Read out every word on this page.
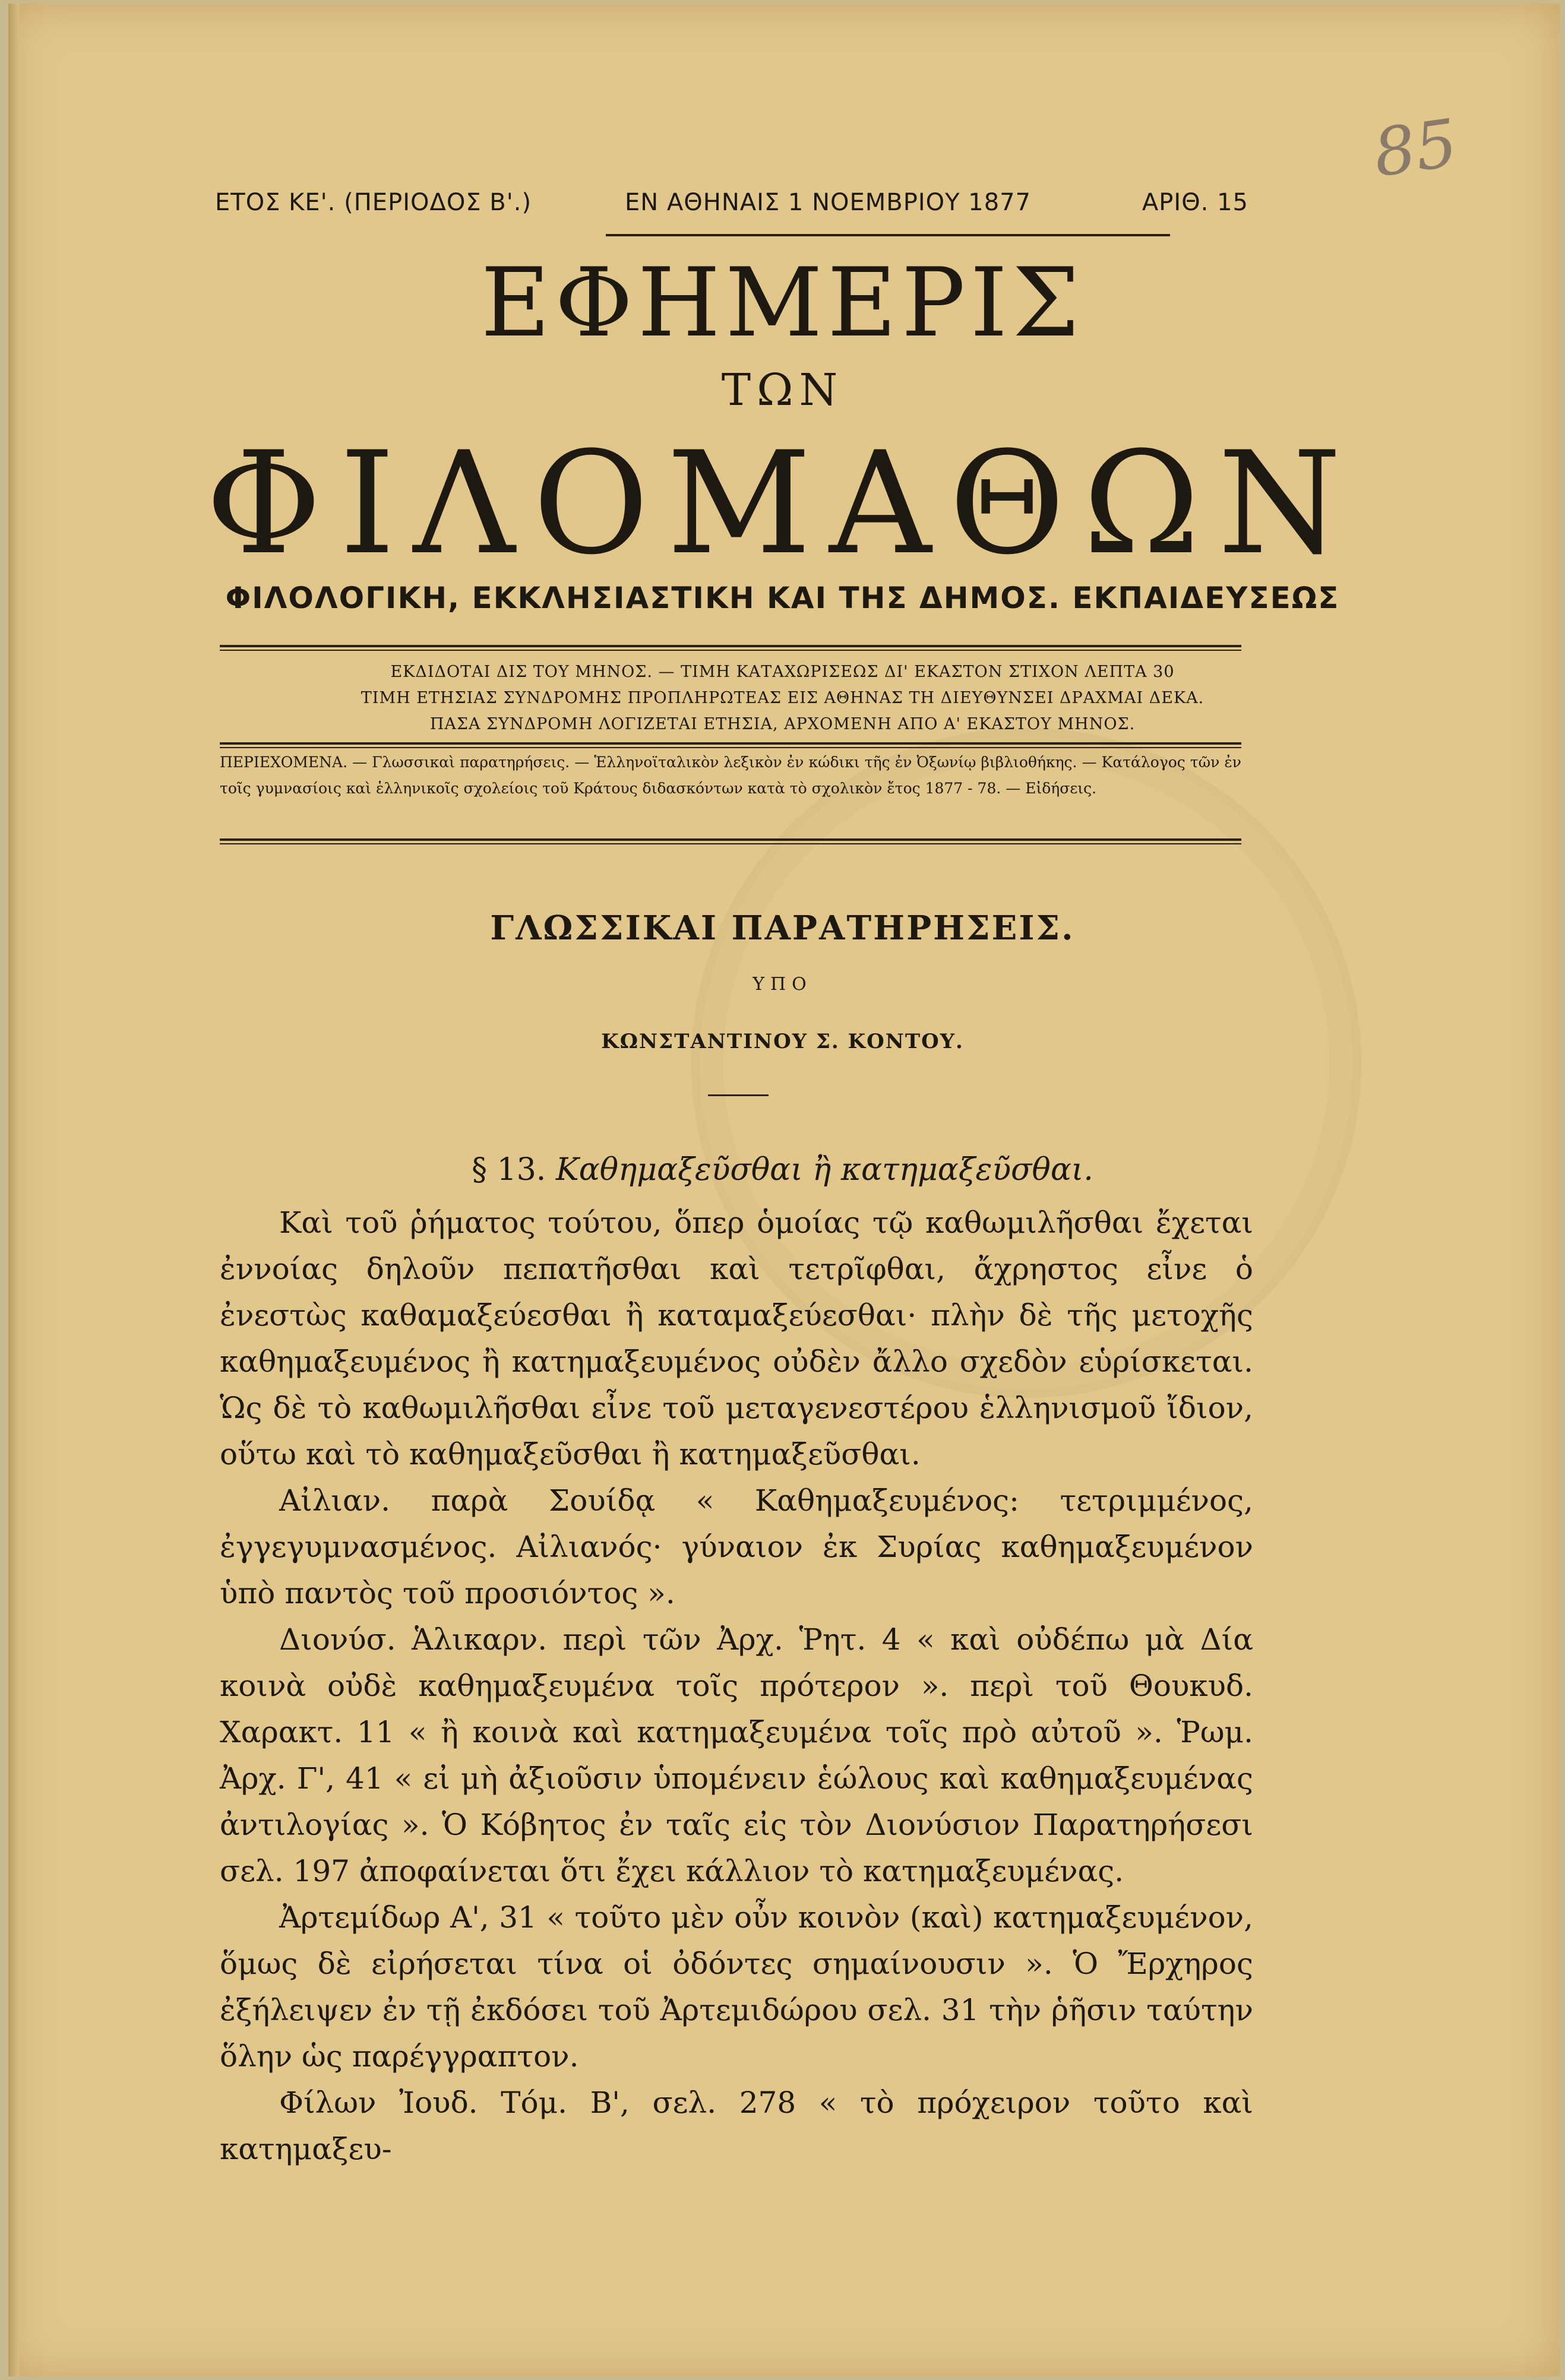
85
ΕΤΟΣ ΚΕ'. (ΠΕΡΙΟΔΟΣ Β'.)	ΕΝ ΑΘΗΝΑΙΣ 1 ΝΟΕΜΒΡΙΟΥ 1877	ΑΡΙΘ. 15
ΕΦΗΜΕΡΙΣ
ΤΩΝ
ΦΙΛΟΜΑΘΩΝ
ΦΙΛΟΛΟΓΙΚΗ, ΕΚΚΛΗΣΙΑΣΤΙΚΗ ΚΑΙ ΤΗΣ ΔΗΜΟΣ. ΕΚΠΑΙΔΕΥΣΕΩΣ
ΕΚΔΙΔΟΤΑΙ ΔΙΣ ΤΟΥ ΜΗΝΟΣ. — ΤΙΜΗ ΚΑΤΑΧΩΡΙΣΕΩΣ ΔΙ' ΕΚΑΣΤΟΝ ΣΤΙΧΟΝ ΛΕΠΤΑ 30
ΤΙΜΗ ΕΤΗΣΙΑΣ ΣΥΝΔΡΟΜΗΣ ΠΡΟΠΛΗΡΩΤΕΑΣ ΕΙΣ ΑΘΗΝΑΣ ΤΗ ΔΙΕΥΘΥΝΣΕΙ ΔΡΑΧΜΑΙ ΔΕΚΑ.
ΠΑΣΑ ΣΥΝΔΡΟΜΗ ΛΟΓΙΖΕΤΑΙ ΕΤΗΣΙΑ, ΑΡΧΟΜΕΝΗ ΑΠΟ Α' ΕΚΑΣΤΟΥ ΜΗΝΟΣ.
ΠΕΡΙΕΧΟΜΕΝΑ. — Γλωσσικαὶ παρατηρήσεις. — Ἑλληνοϊταλικὸν λεξικὸν ἐν κώδικι τῆς ἐν Ὀξωνίῳ βιβλιοθήκης. — Κατάλογος τῶν ἐν τοῖς γυμνασίοις καὶ ἑλληνικοῖς σχολείοις τοῦ Κράτους διδασκόντων κατὰ τὸ σχολικὸν ἔτος 1877 - 78. — Εἰδήσεις.
ΓΛΩΣΣΙΚΑΙ ΠΑΡΑΤΗΡΗΣΕΙΣ.
ΥΠΟ
ΚΩΝΣΤΑΝΤΙΝΟΥ Σ. ΚΟΝΤΟΥ.
§ 13. Καθημαξεῦσθαι ἢ κατημαξεῦσθαι.

Καὶ τοῦ ῥήματος τούτου, ὅπερ ὁμοίας τῷ καθωμιλῆσθαι ἔχεται ἐννοίας δηλοῦν πεπατῆσθαι καὶ τετρῖφθαι, ἄχρηστος εἶνε ὁ ἐνεστὼς καθαμαξεύεσθαι ἢ καταμαξεύεσθαι· πλὴν δὲ τῆς μετοχῆς καθημαξευμένος ἢ κατημαξευμένος οὐδὲν ἄλλο σχεδὸν εὑρίσκεται. Ὡς δὲ τὸ καθωμιλῆσθαι εἶνε τοῦ μεταγενεστέρου ἑλληνισμοῦ ἴδιον, οὕτω καὶ τὸ καθημαξεῦσθαι ἢ κατημαξεῦσθαι.

Αἰλιαν. παρὰ Σουίδᾳ « Καθημαξευμένος: τετριμμένος, ἐγγεγυμνασμένος. Αἰλιανός· γύναιον ἐκ Συρίας καθημαξευμένον ὑπὸ παντὸς τοῦ προσιόντος ».

Διονύσ. Ἁλικαρν. περὶ τῶν Ἀρχ. Ῥητ. 4 « καὶ οὐδέπω μὰ Δία κοινὰ οὐδὲ καθημαξευμένα τοῖς πρότερον ». περὶ τοῦ Θουκυδ. Χαρακτ. 11 « ἢ κοινὰ καὶ κατημαξευμένα τοῖς πρὸ αὐτοῦ ». Ῥωμ. Ἀρχ. Γ', 41 « εἰ μὴ ἀξιοῦσιν ὑπομένειν ἑώλους καὶ καθημαξευμένας ἀντιλογίας ». Ὁ Κόβητος ἐν ταῖς εἰς τὸν Διονύσιον Παρατηρήσεσι σελ. 197 ἀποφαίνεται ὅτι ἔχει κάλλιον τὸ κατημαξευμένας.

Ἀρτεμίδωρ Α', 31 « τοῦτο μὲν οὖν κοινὸν (καὶ) κατημαξευμένον, ὅμως δὲ εἰρήσεται τίνα οἱ ὀδόντες σημαίνουσιν ». Ὁ Ἔρχηρος ἐξήλειψεν ἐν τῇ ἐκδόσει τοῦ Ἀρτεμιδώρου σελ. 31 τὴν ῥῆσιν ταύτην ὅλην ὡς παρέγγραπτον.

Φίλων Ἰουδ. Τόμ. Β', σελ. 278 « τὸ πρόχειρον τοῦτο καὶ κατημαξευ-
